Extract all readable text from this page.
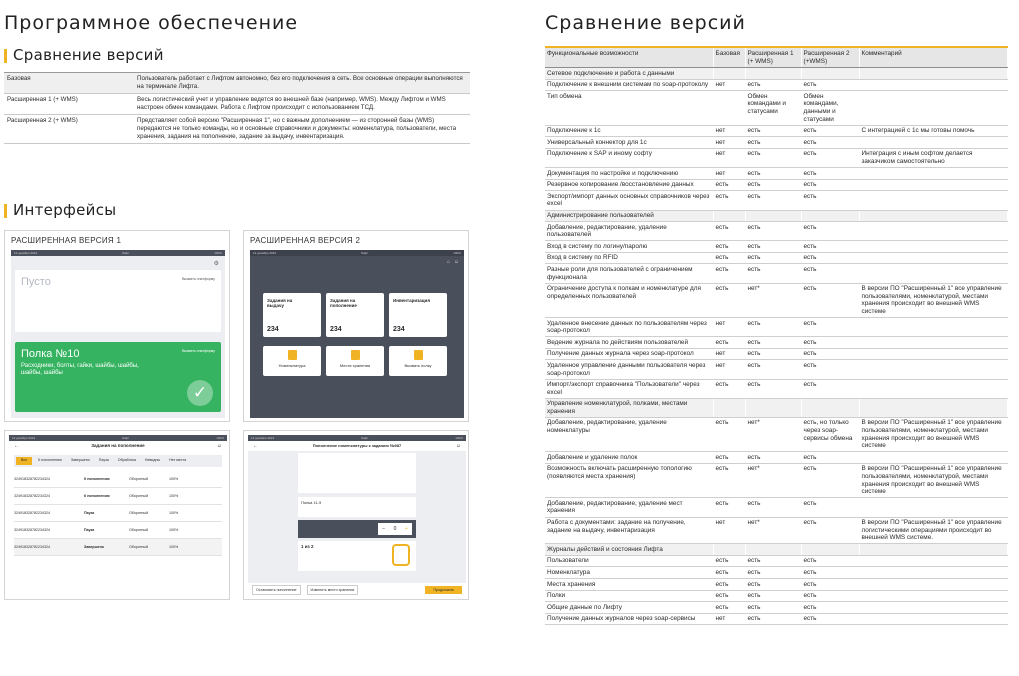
Программное обеспечение
Сравнение версий
Базовая	Пользователь работает с Лифтом автономно, без его подключения в сеть. Все основные операции выполняются на терминале Лифта.
Расширенная 1 (+ WMS)	Весь логистический учет и управление ведется во внешней базе (например, WMS). Между Лифтом и WMS настроен обмен командами. Работа с Лифтом происходит с использованием ТСД.
Расширенная 2 (+ WMS)	Представляет собой версию "Расширенная 1", но с важным дополнением — из сторонней базы (WMS) передаются не только команды, но и основные справочники и документы: номенклатура, пользователи, места хранения, задания на пополнение, задание за выдачу, инвентаризация.
Интерфейсы
РАСШИРЕННАЯ ВЕРСИЯ 1
12 декабря 2024	Лифт	100%
⚙
Пусто	Вызвать платформу
Полка №10
Расходники, болты, гайки, шайбы, шайбы, шайбы, шайбы
Вызвать платформу
✓
РАСШИРЕННАЯ ВЕРСИЯ 2
12 декабря 2024	Лифт	100%
⌂ ☺
Задания на выдачу
234
Задания на пополнение
234
Инвентаризация
234
Номенклатура	Места хранения	Вызвать полку
12 декабря 2024	Лифт	100%
←	Задания на пополнение	☺
Все	К пополнению	Завершено	Пауза	Обработка	Невидны	Нет места
324918328782234324	К пополнению	Оборотный	100%
324918328782234324	К пополнению	Оборотный	100%
324918328782234324	Пауза	Оборотный	100%
324918328782234324	Пауза	Оборотный	100%
324918328782234324	Завершено	Оборотный	100%
12 декабря 2024	Лифт	100%
←	Пополнение номенклатуры к заданию №987	☺
Полка 11-9
− 0 +
1 из 2
Остановить пополнение	Изменить место хранения	Продолжить
Сравнение версий
Функциональные возможности	Базовая	Расширенная 1 (+ WMS)	Расширенная 2 (+WMS)	Комментарий
Сетевое подключение и работа с данными				
Подключение к внешним системам по soap-протоколу	нет	есть	есть	
Тип обмена		Обмен командами и статусами	Обмен командами, данными и статусами	
Подключение к 1с	нет	есть	есть	С интеграцией с 1с мы готовы помочь
Универсальный коннектор для 1с	нет	есть	есть	
Подключение к SAP и иному софту	нет	есть	есть	Интеграция с иным софтом делается заказчиком самостоятельно
Документация по настройке и подключению	нет	есть	есть	
Резервное копирование /восстановление данных	есть	есть	есть	
Экспорт/импорт данных основных справочников через excel	есть	есть	есть	
Администрирование пользователей				
Добавление, редактирование, удаление пользователей	есть	есть	есть	
Вход в систему по логину/паролю	есть	есть	есть	
Вход в систему по RFID	есть	есть	есть	
Разные роли для пользователей с ограничением функционала	есть	есть	есть	
Ограничение доступа к полкам и номенклатуре для определенных пользователей	есть	нет*	есть	В версии ПО "Расширенный 1" все управление пользователями, номенклатурой, местами хранения происходит во внешней WMS системе
Удаленное внесение данных по пользователям через soap-протокол	нет	есть	есть	
Ведение журнала по действиям пользователей	есть	есть	есть	
Получение данных журнала через soap-протокол	нет	есть	есть	
Удаленное управление данными пользователя через soap-протокол	нет	есть	есть	
Импорт/экспорт справочника "Пользователи" через excel	есть	есть	есть	
Управление номенклатурой, полками, местами хранения				
Добавление, редактирование, удаление номенклатуры	есть	нет*	есть, но только через soap-сервисы обмена	В версии ПО "Расширенный 1" все управление пользователями, номенклатурой, местами хранения происходит во внешней WMS системе
Добавление и удаление полок	есть	есть	есть	
Возможность включать расширенную топологию (появляются места хранения)	есть	нет*	есть	В версии ПО "Расширенный 1" все управление пользователями, номенклатурой, местами хранения происходит во внешней WMS системе
Добавление, редактирование, удаление мест хранения	есть	есть	есть	
Работа с документами: задание на получение, задание на выдачу, инвентаризация	нет	нет*	есть	В версии ПО "Расширенный 1" все управление логистическими операциями происходит во внешней WMS системе.
Журналы действий и состояния Лифта				
Пользователи	есть	есть	есть	
Номенклатура	есть	есть	есть	
Места хранения	есть	есть	есть	
Полки	есть	есть	есть	
Общие данные по Лифту	есть	есть	есть	
Получение данных журналов через soap-сервисы	нет	есть	есть	
